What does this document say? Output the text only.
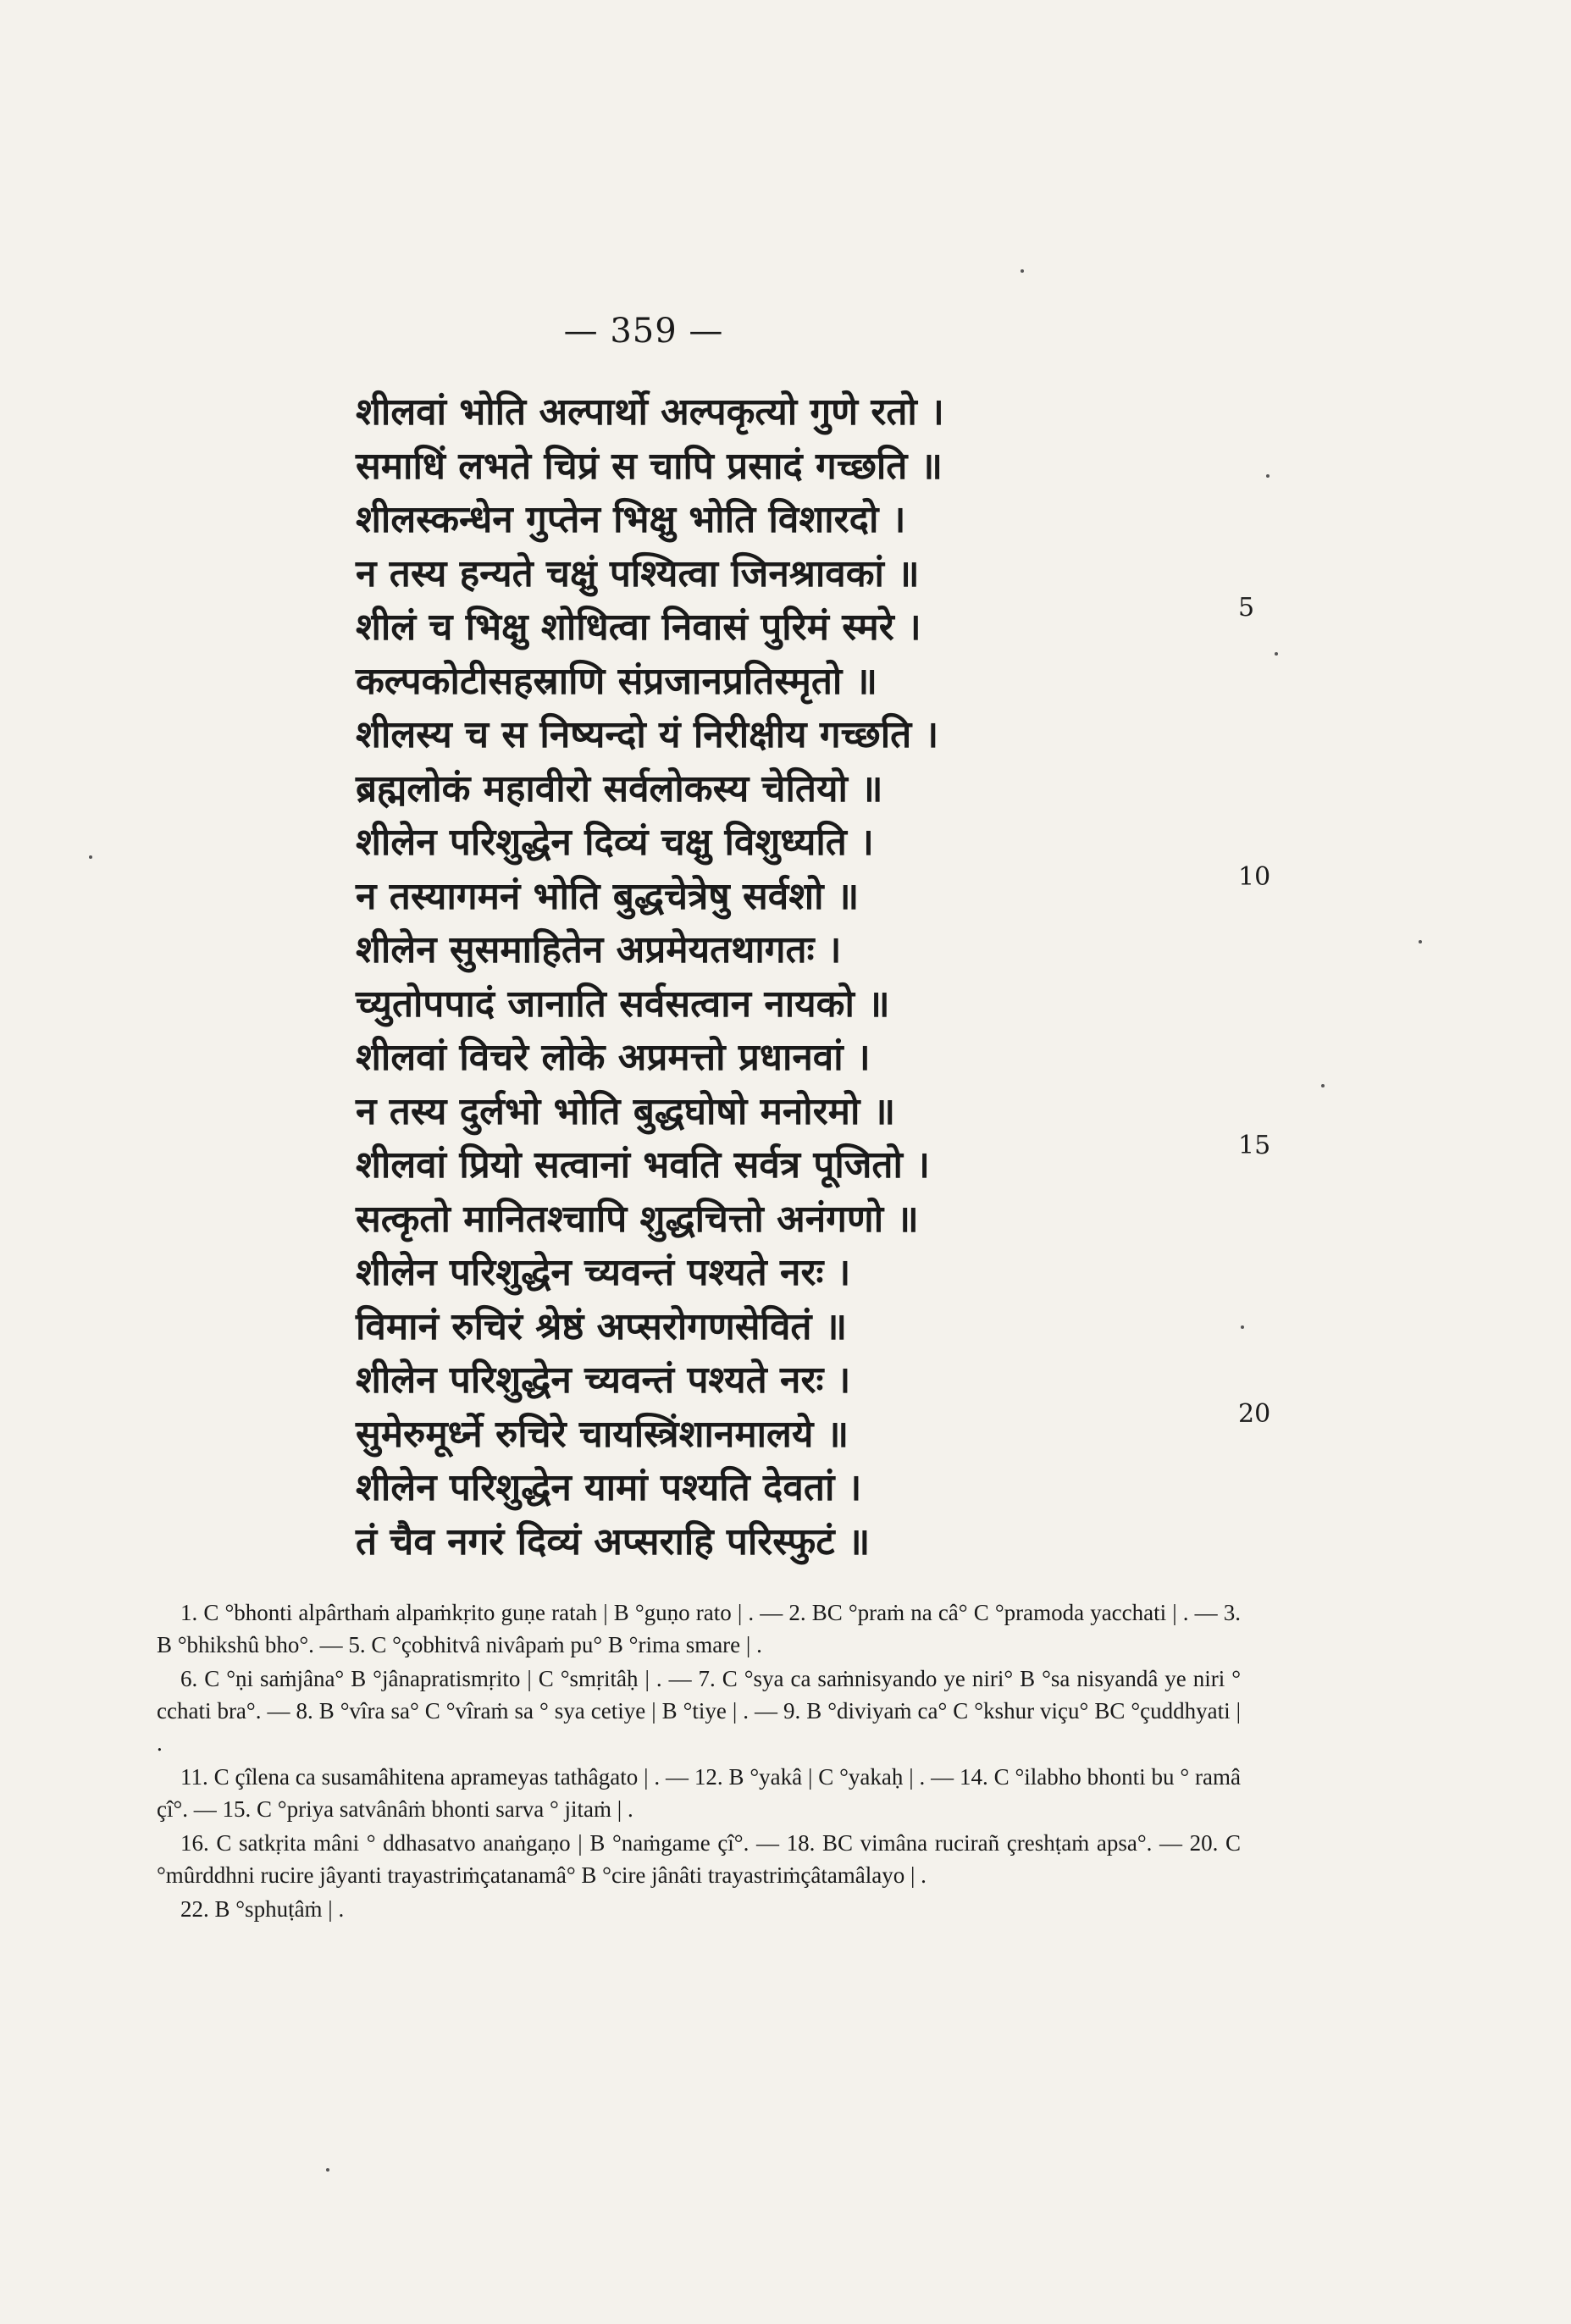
— 359 —
शीलवां भोति अल्पार्थो अल्पकृत्यो गुणे रतो ।
समाधिं लभते चिप्रं स चापि प्रसादं गच्छति ॥
शीलस्कन्धेन गुप्तेन भिक्षु भोति विशारदो ।
न तस्य हन्यते चक्षुं पश्यित्वा जिनश्रावकां ॥
शीलं च भिक्षु शोधित्वा निवासं पुरिमं स्मरे ।
कल्पकोटीसहस्राणि संप्रजानप्रतिस्मृतो ॥
शीलस्य च स निष्यन्दो यं निरीक्षीय गच्छति ।
ब्रह्मलोकं महावीरो सर्वलोकस्य चेतियो ॥
शीलेन परिशुद्धेन दिव्यं चक्षु विशुध्यति ।
न तस्यागमनं भोति बुद्धचेत्रेषु सर्वशो ॥
शीलेन सुसमाहितेन अप्रमेयतथागतः ।
च्युतोपपादं जानाति सर्वसत्वान नायको ॥
शीलवां विचरे लोके अप्रमत्तो प्रधानवां ।
न तस्य दुर्लभो भोति बुद्धघोषो मनोरमो ॥
शीलवां प्रियो सत्वानां भवति सर्वत्र पूजितो ।
सत्कृतो मानितश्चापि शुद्धचित्तो अनंगणो ॥
शीलेन परिशुद्धेन च्यवन्तं पश्यते नरः ।
विमानं रुचिरं श्रेष्ठं अप्सरोगणसेवितं ॥
शीलेन परिशुद्धेन च्यवन्तं पश्यते नरः ।
सुमेरुमूर्ध्ने रुचिरे चायस्त्रिंशानमालये ॥
शीलेन परिशुद्धेन यामां पश्यति देवतां ।
तं चैव नगरं दिव्यं अप्सराहि परिस्फुटं ॥
5
10
15
20

1. C °bhonti alpârthaṁ alpaṁkṛito guṇe ratah | B °guṇo rato | . — 2. BC °praṁ na câ° C °pramoda yacchati | . — 3. B °bhikshû bho°. — 5. C °çobhitvâ nivâpaṁ pu° B °rima smare | .

6. C °ṇi saṁjâna° B °jânapratismṛito | C °smṛitâḥ | . — 7. C °sya ca saṁnisyando ye niri° B °sa nisyandâ ye niri ° cchati bra°. — 8. B °vîra sa° C °vîraṁ sa ° sya cetiye | B °tiye | . — 9. B °diviyaṁ ca° C °kshur viçu° BC °çuddhyati | .

11. C çîlena ca susamâhitena aprameyas tathâgato | . — 12. B °yakâ | C °yakaḥ | . — 14. C °ilabho bhonti bu ° ramâ çî°. — 15. C °priya satvânâṁ bhonti sarva ° jitaṁ | .

16. C satkṛita mâni ° ddhasatvo anaṅgaṇo | B °naṁgame çî°. — 18. BC vimâna rucirañ çreshṭaṁ apsa°. — 20. C °mûrddhni rucire jâyanti trayastriṁçatanamâ° B °cire jânâti trayastriṁçâtamâlayo | .

22. B °sphuṭâṁ | .
